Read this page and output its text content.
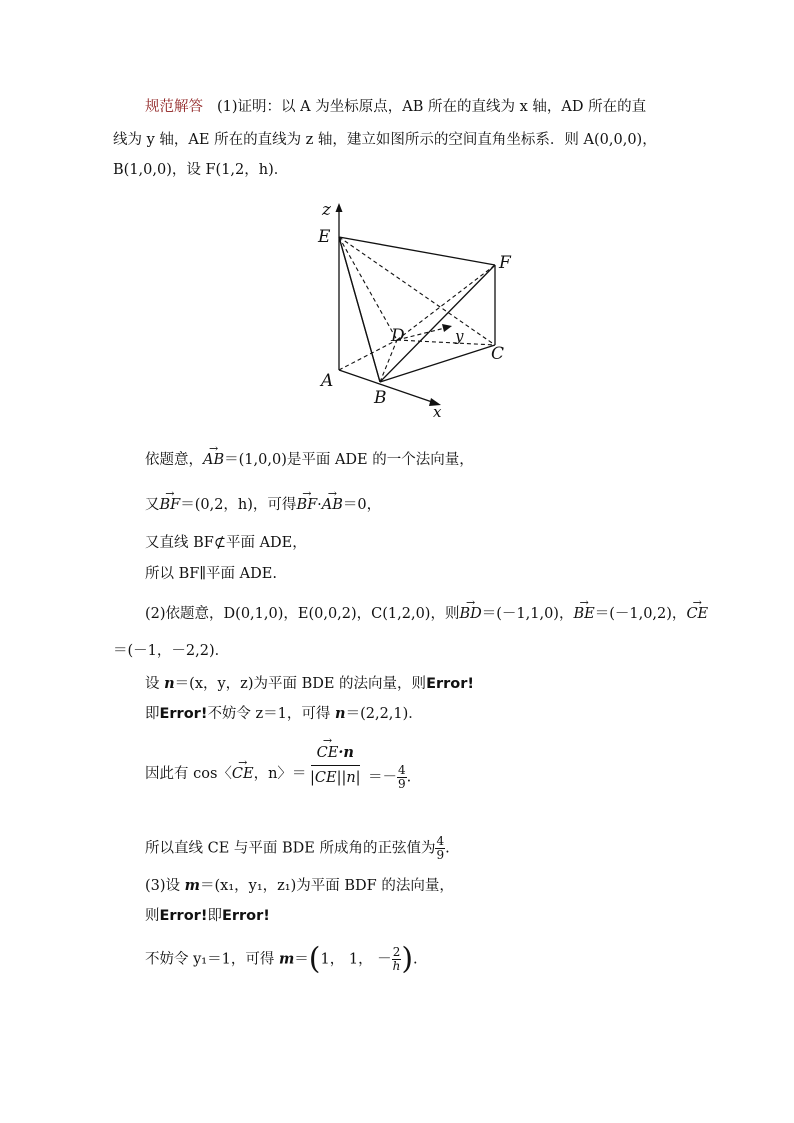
规范解答 (1)证明：以 A 为坐标原点，AB 所在的直线为 x 轴，AD 所在的直
线为 y 轴，AE 所在的直线为 z 轴，建立如图所示的空间直角坐标系．则 A(0,0,0)，
B(1,0,0)，设 F(1,2，h)．
z
E
F
D	y
C
A
B
x
依题意，→ AB＝(1,0,0)是平面 ADE 的一个法向量，
又→ BF＝(0,2，h)，可得→ BF·→ AB＝0，
又直线 BF⊄平面 ADE，
所以 BF∥平面 ADE.
(2)依题意，D(0,1,0)，E(0,0,2)，C(1,2,0)，则→ BD＝(－1,1,0)，→ BE＝(－1,0,2)，→ CE
＝(－1，－2,2)．
设 n＝(x，y，z)为平面 BDE 的法向量，则Error!
即Error!不妨令 z＝1，可得 n＝(2,2,1)．
因此有 cos〈→ CE，n〉＝
→ $\frac{CE\cdot n}{|CE||n|} =- \frac{4}{9}$ .
所以直线 CE 与平面 BDE 所成角的正弦值为 $\frac{4}{9}$ .
(3)设 m＝(x₁，y₁，z₁)为平面 BDF 的法向量，
则Error!即Error!
不妨令 y₁＝1，可得 m＝(1， 1， － $\frac{2}{h}$ ).
